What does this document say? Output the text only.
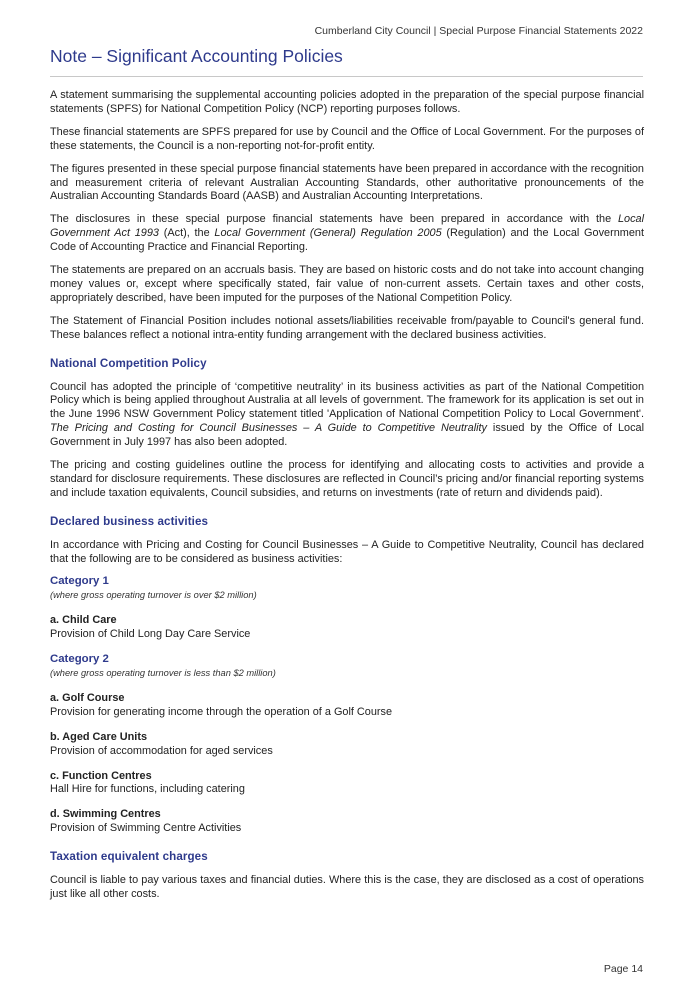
Cumberland City Council | Special Purpose Financial Statements 2022
Note – Significant Accounting Policies

A statement summarising the supplemental accounting policies adopted in the preparation of the special purpose financial statements (SPFS) for National Competition Policy (NCP) reporting purposes follows.

These financial statements are SPFS prepared for use by Council and the Office of Local Government. For the purposes of these statements, the Council is a non-reporting not-for-profit entity.

The figures presented in these special purpose financial statements have been prepared in accordance with the recognition and measurement criteria of relevant Australian Accounting Standards, other authoritative pronouncements of the Australian Accounting Standards Board (AASB) and Australian Accounting Interpretations.

The disclosures in these special purpose financial statements have been prepared in accordance with the Local Government Act 1993 (Act), the Local Government (General) Regulation 2005 (Regulation) and the Local Government Code of Accounting Practice and Financial Reporting.

The statements are prepared on an accruals basis. They are based on historic costs and do not take into account changing money values or, except where specifically stated, fair value of non-current assets. Certain taxes and other costs, appropriately described, have been imputed for the purposes of the National Competition Policy.

The Statement of Financial Position includes notional assets/liabilities receivable from/payable to Council's general fund. These balances reflect a notional intra-entity funding arrangement with the declared business activities.

National Competition Policy

Council has adopted the principle of ‘competitive neutrality’ in its business activities as part of the National Competition Policy which is being applied throughout Australia at all levels of government. The framework for its application is set out in the June 1996 NSW Government Policy statement titled 'Application of National Competition Policy to Local Government'. The Pricing and Costing for Council Businesses – A Guide to Competitive Neutrality issued by the Office of Local Government in July 1997 has also been adopted.

The pricing and costing guidelines outline the process for identifying and allocating costs to activities and provide a standard for disclosure requirements. These disclosures are reflected in Council’s pricing and/or financial reporting systems and include taxation equivalents, Council subsidies, and returns on investments (rate of return and dividends paid).

Declared business activities

In accordance with Pricing and Costing for Council Businesses – A Guide to Competitive Neutrality, Council has declared that the following are to be considered as business activities:

Category 1
(where gross operating turnover is over $2 million)
a. Child Care
Provision of Child Long Day Care Service
Category 2
(where gross operating turnover is less than $2 million)
a. Golf Course
Provision for generating income through the operation of a Golf Course
b. Aged Care Units
Provision of accommodation for aged services
c. Function Centres
Hall Hire for functions, including catering
d. Swimming Centres
Provision of Swimming Centre Activities
Taxation equivalent charges

Council is liable to pay various taxes and financial duties. Where this is the case, they are disclosed as a cost of operations just like all other costs.

Page 14
